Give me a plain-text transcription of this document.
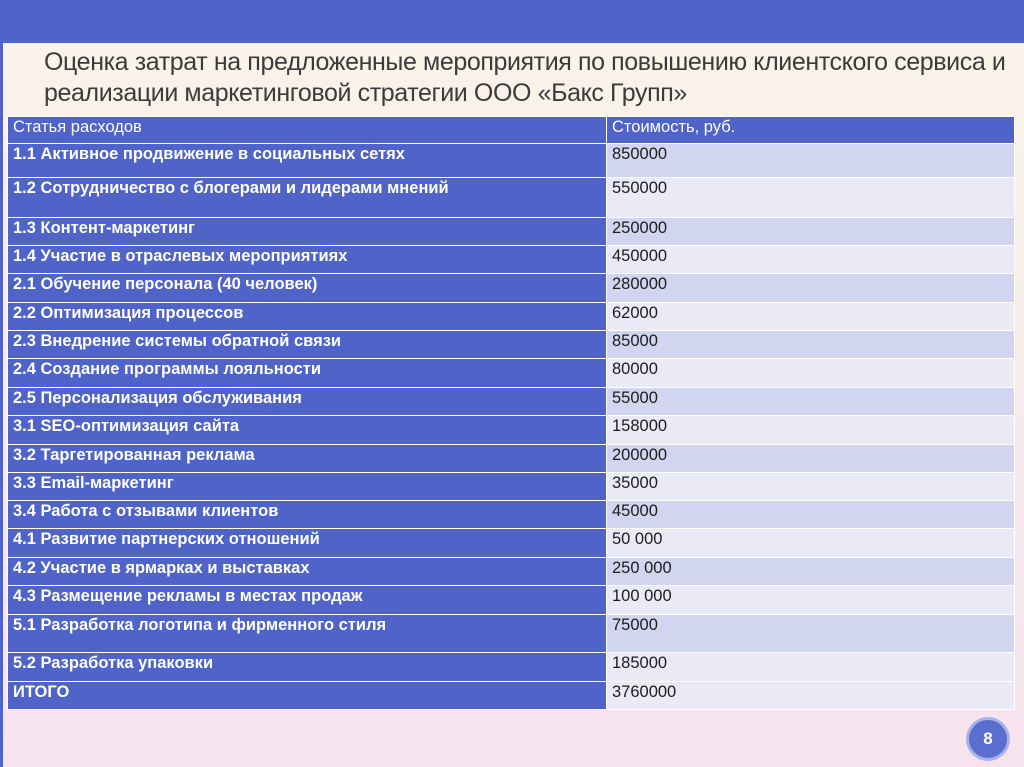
Оценка затрат на предложенные мероприятия по повышению клиентского сервиса и
реализации маркетинговой стратегии ООО «Бакс Групп»
Статья расходов	Стоимость, руб.
1.1 Активное продвижение в социальных сетях	850000
1.2 Сотрудничество с блогерами и лидерами мнений	550000
1.3 Контент-маркетинг	250000
1.4 Участие в отраслевых мероприятиях	450000
2.1 Обучение персонала (40 человек)	280000
2.2 Оптимизация процессов	62000
2.3 Внедрение системы обратной связи	85000
2.4 Создание программы лояльности	80000
2.5 Персонализация обслуживания	55000
3.1 SEO-оптимизация сайта	158000
3.2 Таргетированная реклама	200000
3.3 Email-маркетинг	35000
3.4 Работа с отзывами клиентов	45000
4.1 Развитие партнерских отношений	50 000
4.2 Участие в ярмарках и выставках	250 000
4.3 Размещение рекламы в местах продаж	100 000
5.1 Разработка логотипа и фирменного стиля	75000
5.2 Разработка упаковки	185000
ИТОГО	3760000
8
